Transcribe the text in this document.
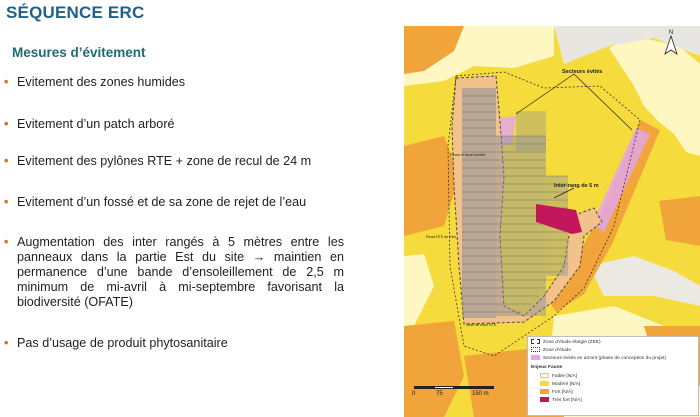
SÉQUENCE ERC
Mesures d’évitement
• Evitement des zones humides
• Evitement d’un patch arboré
• Evitement des pylônes RTE + zone de recul de 24 m
• Evitement d’un fossé et de sa zone de rejet de l’eau
• Augmentation des inter rangés à 5 mètres entre les panneaux dans la partie Est du site → maintien en permanence d’une bande d’ensoleillement de 2,5 m minimum de mi-avril à mi-septembre favorisant la biodiversité (OFATE)
• Pas d’usage de produit phytosanitaire
N
Secteurs évités
Inter-rang de 5 m
Fossé et talus humide
Recul RTE de 24m
Zone de recul RTE
0	75	150 m
Zone d’étude élargie (ZEE)
Zone d’étude
Secteurs évités en amont (phase de conception du projet)
Enjeux Faune
Faible [N/A]
Modéré [N/A]
Fort [N/A]
Très fort [N/A]
